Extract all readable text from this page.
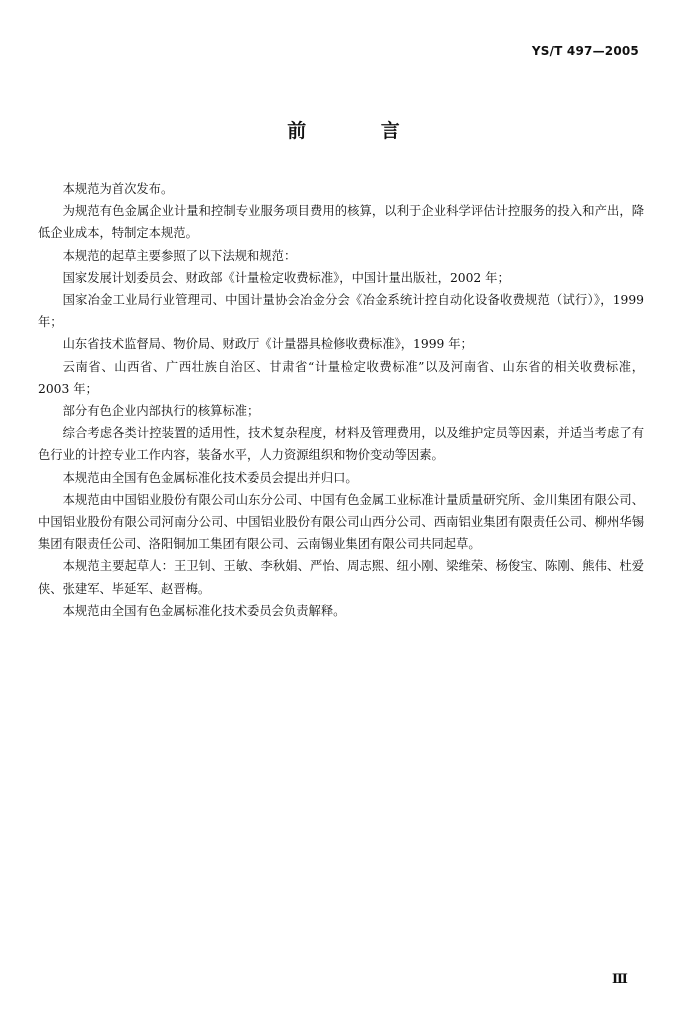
YS/T 497—2005
前 言

本规范为首次发布。

为规范有色金属企业计量和控制专业服务项目费用的核算，以利于企业科学评估计控服务的投入和产出，降低企业成本，特制定本规范。

本规范的起草主要参照了以下法规和规范：

国家发展计划委员会、财政部《计量检定收费标准》，中国计量出版社，2002 年；

国家冶金工业局行业管理司、中国计量协会冶金分会《冶金系统计控自动化设备收费规范（试行）》，1999 年；

山东省技术监督局、物价局、财政厅《计量器具检修收费标准》，1999 年；

云南省、山西省、广西壮族自治区、甘肃省“计量检定收费标准”以及河南省、山东省的相关收费标准，2003 年；

部分有色企业内部执行的核算标准；

综合考虑各类计控装置的适用性，技术复杂程度，材料及管理费用，以及维护定员等因素，并适当考虑了有色行业的计控专业工作内容，装备水平，人力资源组织和物价变动等因素。

本规范由全国有色金属标准化技术委员会提出并归口。

本规范由中国铝业股份有限公司山东分公司、中国有色金属工业标准计量质量研究所、金川集团有限公司、中国铝业股份有限公司河南分公司、中国铝业股份有限公司山西分公司、西南铝业集团有限责任公司、柳州华锡集团有限责任公司、洛阳铜加工集团有限公司、云南锡业集团有限公司共同起草。

本规范主要起草人：王卫钊、王敏、李秋娟、严怡、周志煕、纽小刚、梁维荣、杨俊宝、陈刚、熊伟、杜爱侠、张建军、毕延军、赵晋梅。

本规范由全国有色金属标准化技术委员会负责解释。

Ⅲ
